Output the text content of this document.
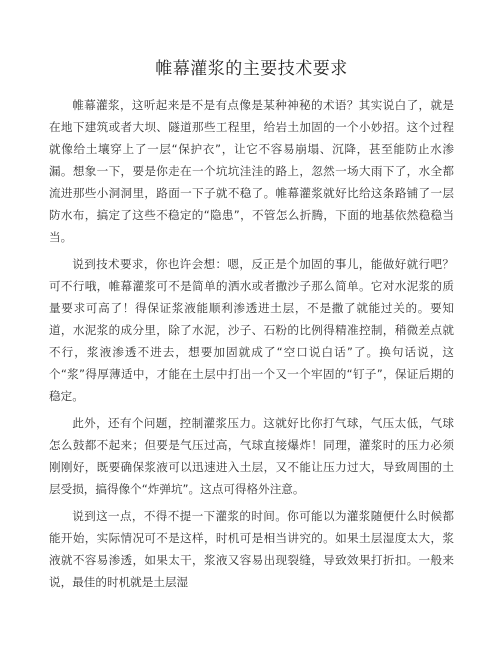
帷幕灌浆的主要技术要求

帷幕灌浆，这听起来是不是有点像是某种神秘的术语？其实说白了，就是在地下建筑或者大坝、隧道那些工程里，给岩土加固的一个小妙招。这个过程就像给土壤穿上了一层“保护衣”，让它不容易崩塌、沉降，甚至能防止水渗漏。想象一下，要是你走在一个坑坑洼洼的路上，忽然一场大雨下了，水全都流进那些小洞洞里，路面一下子就不稳了。帷幕灌浆就好比给这条路铺了一层防水布，搞定了这些不稳定的“隐患”，不管怎么折腾，下面的地基依然稳稳当当。

说到技术要求，你也许会想：嗯，反正是个加固的事儿，能做好就行吧？可不行哦，帷幕灌浆可不是简单的洒水或者撒沙子那么简单。它对水泥浆的质量要求可高了！得保证浆液能顺利渗透进土层，不是撒了就能过关的。要知道，水泥浆的成分里，除了水泥，沙子、石粉的比例得精准控制，稍微差点就不行，浆液渗透不进去，想要加固就成了“空口说白话”了。换句话说，这个“浆”得厚薄适中，才能在土层中打出一个又一个牢固的“钉子”，保证后期的稳定。

此外，还有个问题，控制灌浆压力。这就好比你打气球，气压太低，气球怎么鼓都不起来；但要是气压过高，气球直接爆炸！同理，灌浆时的压力必须刚刚好，既要确保浆液可以迅速进入土层，又不能让压力过大，导致周围的土层受损，搞得像个“炸弹坑”。这点可得格外注意。

说到这一点，不得不提一下灌浆的时间。你可能以为灌浆随便什么时候都能开始，实际情况可不是这样，时机可是相当讲究的。如果土层湿度太大，浆液就不容易渗透，如果太干，浆液又容易出现裂缝，导致效果打折扣。一般来说，最佳的时机就是土层湿
